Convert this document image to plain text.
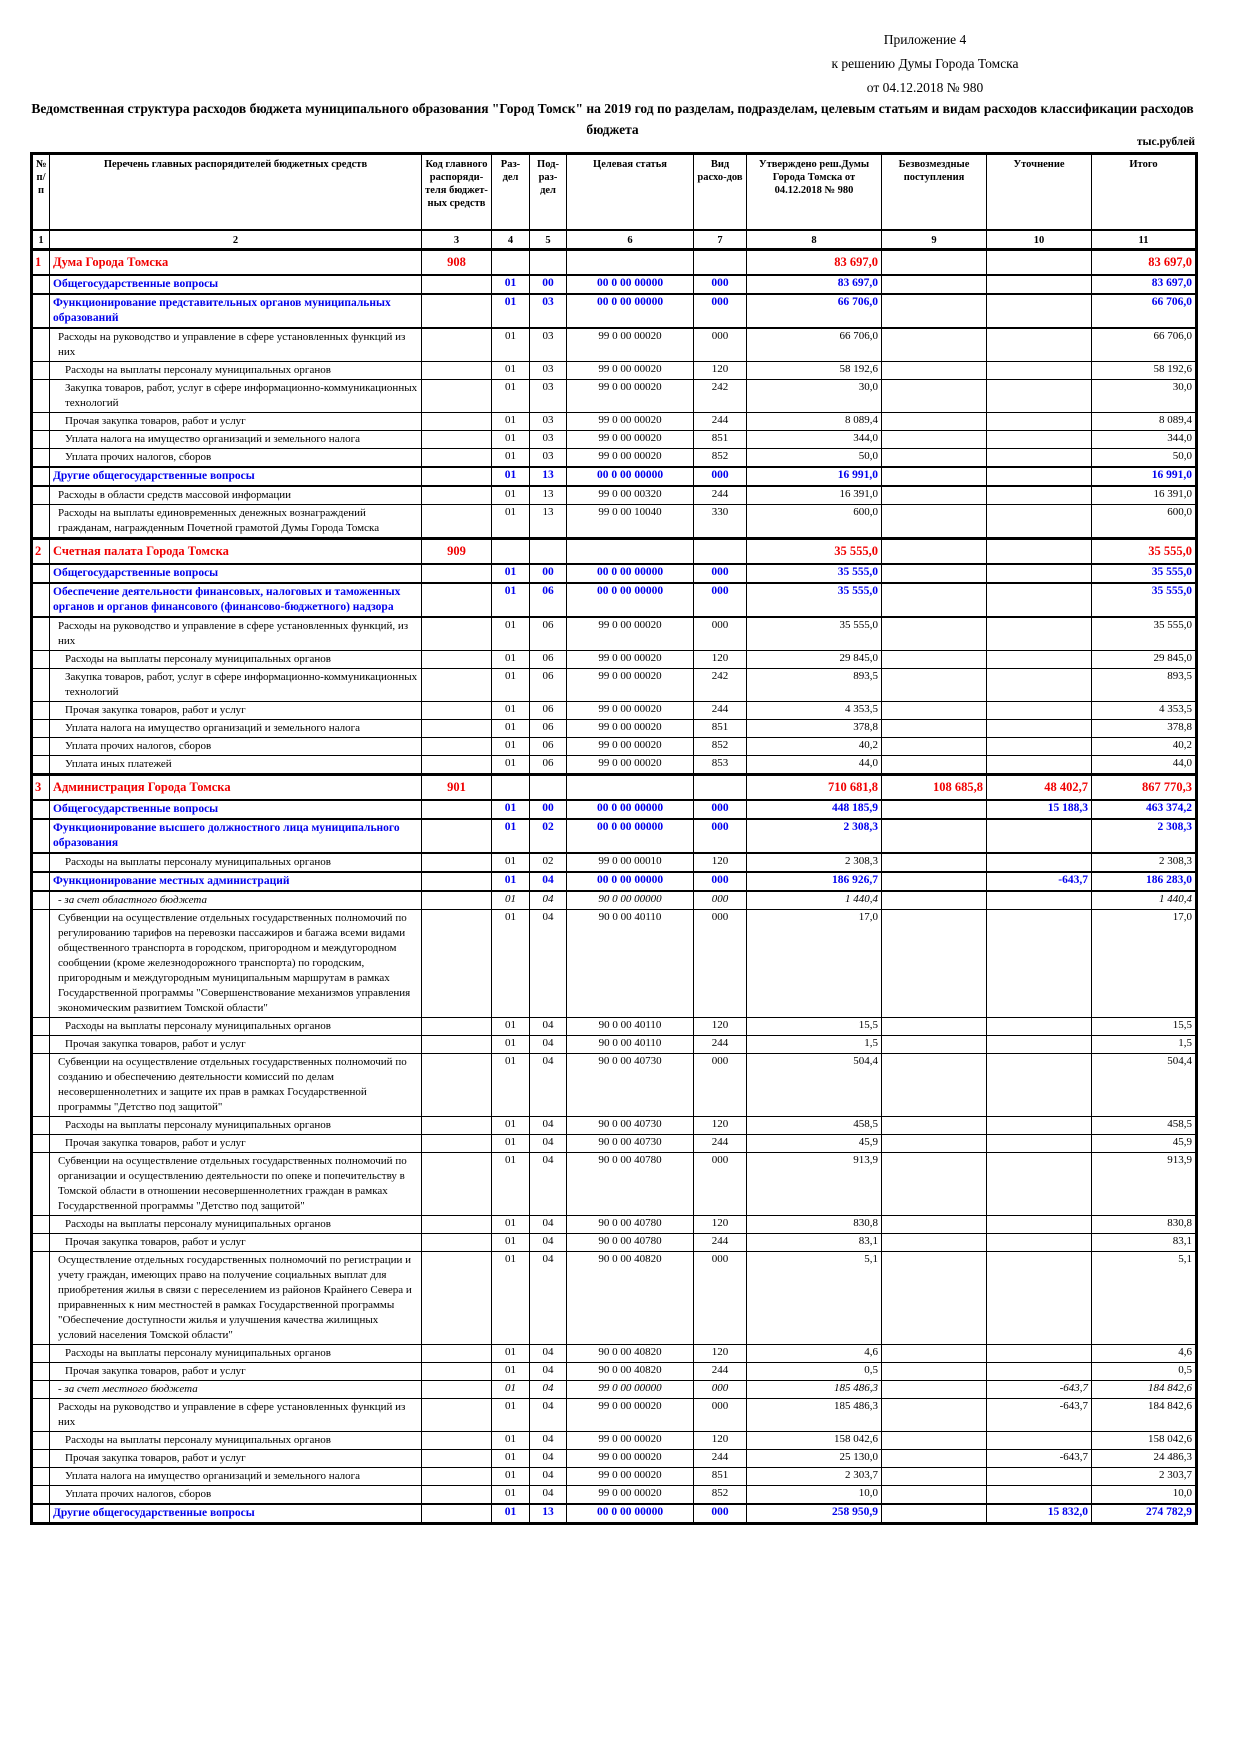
Приложение 4
к решению Думы Города Томска
от 04.12.2018 № 980
Ведомственная структура расходов бюджета муниципального образования "Город Томск" на 2019 год по разделам, подразделам, целевым статьям и видам расходов классификации расходов бюджета
тыс.рублей
№ п/п	Перечень главных распорядителей бюджетных средств	Код главного распоряди-теля бюджет-ных средств	Раз-дел	Под-раз-дел	Целевая статья	Вид расхо-дов	Утверждено реш.Думы Города Томска от 04.12.2018 № 980	Безвозмездные поступления	Уточнение	Итого
1	2	3	4	5	6	7	8	9	10	11
1	Дума Города Томска	908					83 697,0			83 697,0
	Общегосударственные вопросы		01	00	00 0 00 00000	000	83 697,0			83 697,0
	Функционирование представительных органов муниципальных образований		01	03	00 0 00 00000	000	66 706,0			66 706,0
	Расходы на руководство и управление в сфере установленных функций из них		01	03	99 0 00 00020	000	66 706,0			66 706,0
	Расходы на выплаты персоналу муниципальных органов		01	03	99 0 00 00020	120	58 192,6			58 192,6
	Закупка товаров, работ, услуг в сфере информационно-коммуникационных технологий		01	03	99 0 00 00020	242	30,0			30,0
	Прочая закупка товаров, работ и услуг		01	03	99 0 00 00020	244	8 089,4			8 089,4
	Уплата налога на имущество организаций и земельного налога		01	03	99 0 00 00020	851	344,0			344,0
	Уплата прочих налогов, сборов		01	03	99 0 00 00020	852	50,0			50,0
	Другие общегосударственные вопросы		01	13	00 0 00 00000	000	16 991,0			16 991,0
	Расходы в области средств массовой информации		01	13	99 0 00 00320	244	16 391,0			16 391,0
	Расходы на выплаты единовременных денежных вознаграждений гражданам, награжденным Почетной грамотой Думы Города Томска		01	13	99 0 00 10040	330	600,0			600,0
2	Счетная палата Города Томска	909					35 555,0			35 555,0
	Общегосударственные вопросы		01	00	00 0 00 00000	000	35 555,0			35 555,0
	Обеспечение деятельности финансовых, налоговых и таможенных органов и органов финансового (финансово-бюджетного) надзора		01	06	00 0 00 00000	000	35 555,0			35 555,0
	Расходы на руководство и управление в сфере установленных функций, из них		01	06	99 0 00 00020	000	35 555,0			35 555,0
	Расходы на выплаты персоналу муниципальных органов		01	06	99 0 00 00020	120	29 845,0			29 845,0
	Закупка товаров, работ, услуг в сфере информационно-коммуникационных технологий		01	06	99 0 00 00020	242	893,5			893,5
	Прочая закупка товаров, работ и услуг		01	06	99 0 00 00020	244	4 353,5			4 353,5
	Уплата налога на имущество организаций и земельного налога		01	06	99 0 00 00020	851	378,8			378,8
	Уплата прочих налогов, сборов		01	06	99 0 00 00020	852	40,2			40,2
	Уплата иных платежей		01	06	99 0 00 00020	853	44,0			44,0
3	Администрация Города Томска	901					710 681,8	108 685,8	48 402,7	867 770,3
	Общегосударственные вопросы		01	00	00 0 00 00000	000	448 185,9		15 188,3	463 374,2
	Функционирование высшего должностного лица муниципального образования		01	02	00 0 00 00000	000	2 308,3			2 308,3
	Расходы на выплаты персоналу муниципальных органов		01	02	99 0 00 00010	120	2 308,3			2 308,3
	Функционирование местных администраций		01	04	00 0 00 00000	000	186 926,7		-643,7	186 283,0
	- за счет областного бюджета		01	04	90 0 00 00000	000	1 440,4			1 440,4
	Субвенции на осуществление отдельных государственных полномочий по регулированию тарифов на перевозки пассажиров и багажа всеми видами общественного транспорта в городском, пригородном и междугородном сообщении (кроме железнодорожного транспорта) по городским, пригородным и междугородным муниципальным маршрутам в рамках Государственной программы "Совершенствование механизмов управления экономическим развитием Томской области"		01	04	90 0 00 40110	000	17,0			17,0
	Расходы на выплаты персоналу муниципальных органов		01	04	90 0 00 40110	120	15,5			15,5
	Прочая закупка товаров, работ и услуг		01	04	90 0 00 40110	244	1,5			1,5
	Субвенции на осуществление отдельных государственных полномочий по созданию и обеспечению деятельности комиссий по делам несовершеннолетних и защите их прав в рамках Государственной программы "Детство под защитой"		01	04	90 0 00 40730	000	504,4			504,4
	Расходы на выплаты персоналу муниципальных органов		01	04	90 0 00 40730	120	458,5			458,5
	Прочая закупка товаров, работ и услуг		01	04	90 0 00 40730	244	45,9			45,9
	Субвенции на осуществление отдельных государственных полномочий по организации и осуществлению деятельности по опеке и попечительству в Томской области в отношении несовершеннолетних граждан в рамках Государственной программы "Детство под защитой"		01	04	90 0 00 40780	000	913,9			913,9
	Расходы на выплаты персоналу муниципальных органов		01	04	90 0 00 40780	120	830,8			830,8
	Прочая закупка товаров, работ и услуг		01	04	90 0 00 40780	244	83,1			83,1
	Осуществление отдельных государственных полномочий по регистрации и учету граждан, имеющих право на получение социальных выплат для приобретения жилья в связи с переселением из районов Крайнего Севера и приравненных к ним местностей в рамках Государственной программы "Обеспечение доступности жилья и улучшения качества жилищных условий населения Томской области"		01	04	90 0 00 40820	000	5,1			5,1
	Расходы на выплаты персоналу муниципальных органов		01	04	90 0 00 40820	120	4,6			4,6
	Прочая закупка товаров, работ и услуг		01	04	90 0 00 40820	244	0,5			0,5
	- за счет местного бюджета		01	04	99 0 00 00000	000	185 486,3		-643,7	184 842,6
	Расходы на руководство и управление в сфере установленных функций из них		01	04	99 0 00 00020	000	185 486,3		-643,7	184 842,6
	Расходы на выплаты персоналу муниципальных органов		01	04	99 0 00 00020	120	158 042,6			158 042,6
	Прочая закупка товаров, работ и услуг		01	04	99 0 00 00020	244	25 130,0		-643,7	24 486,3
	Уплата налога на имущество организаций и земельного налога		01	04	99 0 00 00020	851	2 303,7			2 303,7
	Уплата прочих налогов, сборов		01	04	99 0 00 00020	852	10,0			10,0
	Другие общегосударственные вопросы		01	13	00 0 00 00000	000	258 950,9		15 832,0	274 782,9
